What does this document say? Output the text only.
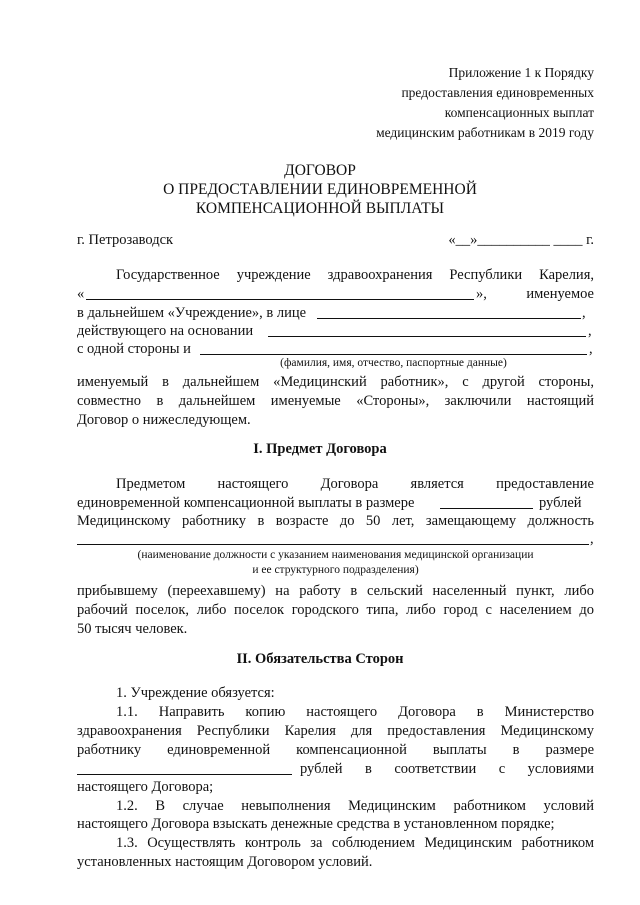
Приложение 1 к Порядку
предоставления единовременных
компенсационных выплат
медицинским работникам в 2019 году
ДОГОВОР
О ПРЕДОСТАВЛЕНИИ ЕДИНОВРЕМЕННОЙ
КОМПЕНСАЦИОННОЙ ВЫПЛАТЫ
г. Петрозаводск	«__»__________ ____ г.
Государственное учреждение здравоохранения Республики Карелия,
«	»,	именуемое
в дальнейшем «Учреждение», в лице	,
действующего на основании	,
с одной стороны и	,
(фамилия, имя, отчество, паспортные данные)
именуемый в дальнейшем «Медицинский работник», с другой стороны,
совместно в дальнейшем именуемые «Стороны», заключили настоящий
Договор о нижеследующем.
I. Предмет Договора
Предметом настоящего Договора является предоставление
единовременной компенсационной выплаты в размере	рублей
Медицинскому работнику в возрасте до 50 лет, замещающему должность
,
(наименование должности с указанием наименования медицинской организации
и ее структурного подразделения)
прибывшему (переехавшему) на работу в сельский населенный пункт, либо
рабочий поселок, либо поселок городского типа, либо город с населением до
50 тысяч человек.
II. Обязательства Сторон
1. Учреждение обязуется:
1.1. Направить копию настоящего Договора в Министерство
здравоохранения Республики Карелия для предоставления Медицинскому
работнику единовременной компенсационной выплаты в размере
рублей в соответствии с условиями
настоящего Договора;
1.2. В случае невыполнения Медицинским работником условий
настоящего Договора взыскать денежные средства в установленном порядке;
1.3. Осуществлять контроль за соблюдением Медицинским работником
установленных настоящим Договором условий.
